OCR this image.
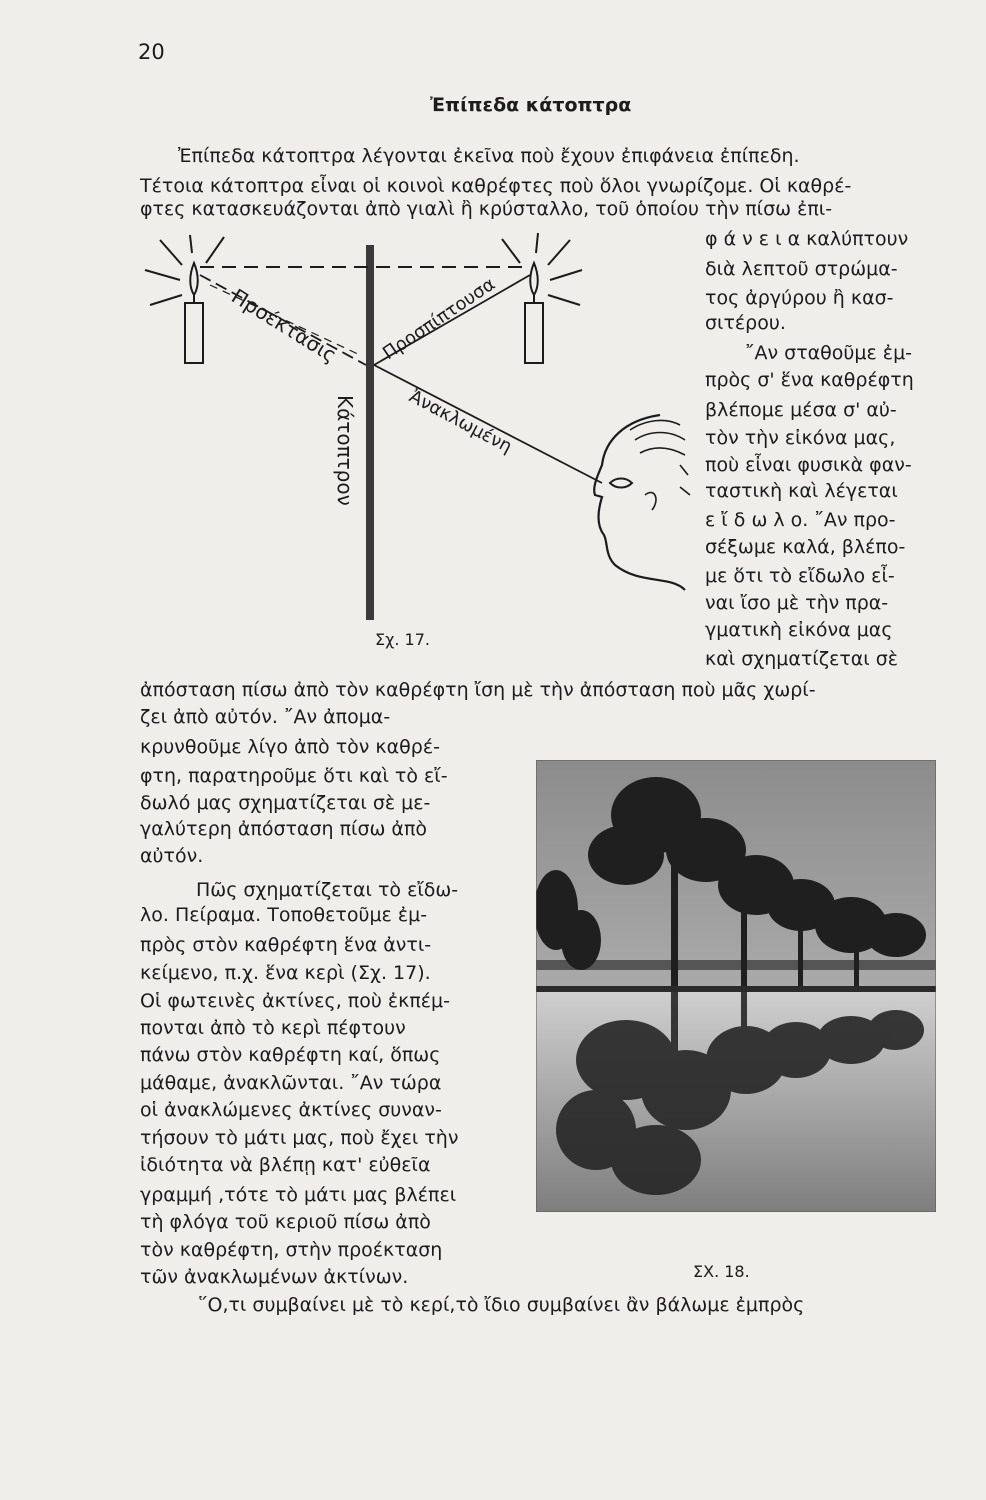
20
Ἐπίπεδα κάτοπτρα
Ἐπίπεδα κάτοπτρα λέγονται ἐκεῖνα ποὺ ἔχουν ἐπιφάνεια ἐπίπεδη.
Τέτοια κάτοπτρα εἶναι οἱ κοινοὶ καθρέφτες ποὺ ὅλοι γνωρίζομε. Οἱ καθρέ-
φτες κατασκευάζονται ἀπὸ γιαλὶ ἢ κρύσταλλο, τοῦ ὁποίου τὴν πίσω ἐπι-
φ ά ν ε ι α καλύπτουν
διὰ λεπτοῦ στρώμα-
τος ἀργύρου ἢ κασ-
σιτέρου.
῎Αν σταθοῦμε ἐμ-
πρὸς σ' ἕνα καθρέφτη
βλέπομε μέσα σ' αὐ-
τὸν τὴν εἰκόνα μας,
ποὺ εἶναι φυσικὰ φαν-
ταστικὴ καὶ λέγεται
ε ἴ δ ω λ ο. ῎Αν προ-
σέξωμε καλά, βλέπο-
με ὅτι τὸ εἴδωλο εἶ-
ναι ἴσο μὲ τὴν πρα-
γματικὴ εἰκόνα μας
καὶ σχηματίζεται σὲ
Προέκτασις Προσπίπτουσα
Ἀνακλωμένη
Κάτοπτρον
Σχ. 17.
ἀπόσταση πίσω ἀπὸ τὸν καθρέφτη ἴση μὲ τὴν ἀπόσταση ποὺ μᾶς χωρί-
ζει ἀπὸ αὐτόν. ῎Αν ἀπομα-
κρυνθοῦμε λίγο ἀπὸ τὸν καθρέ-
φτη, παρατηροῦμε ὅτι καὶ τὸ εἴ-
δωλό μας σχηματίζεται σὲ με-
γαλύτερη ἀπόσταση πίσω ἀπὸ
αὐτόν.
Πῶς σχηματίζεται τὸ εἴδω-
λο. Πείραμα. Τοποθετοῦμε ἐμ-
πρὸς στὸν καθρέφτη ἕνα ἀντι-
κείμενο, π.χ. ἕνα κερὶ (Σχ. 17).
Οἱ φωτεινὲς ἀκτίνες, ποὺ ἐκπέμ-
πονται ἀπὸ τὸ κερὶ πέφτουν
πάνω στὸν καθρέφτη καί, ὅπως
μάθαμε, ἀνακλῶνται. ῎Αν τώρα
οἱ ἀνακλώμενες ἀκτίνες συναν-
τήσουν τὸ μάτι μας, ποὺ ἔχει τὴν
ἰδιότητα νὰ βλέπῃ κατ' εὐθεῖα
γραμμή ,τότε τὸ μάτι μας βλέπει
τὴ φλόγα τοῦ κεριοῦ πίσω ἀπὸ
τὸν καθρέφτη, στὴν προέκταση
τῶν ἀνακλωμένων ἀκτίνων.	ΣΧ. 18.
῞Ο,τι συμβαίνει μὲ τὸ κερί,τὸ ἴδιο συμβαίνει ἂν βάλωμε ἐμπρὸς
